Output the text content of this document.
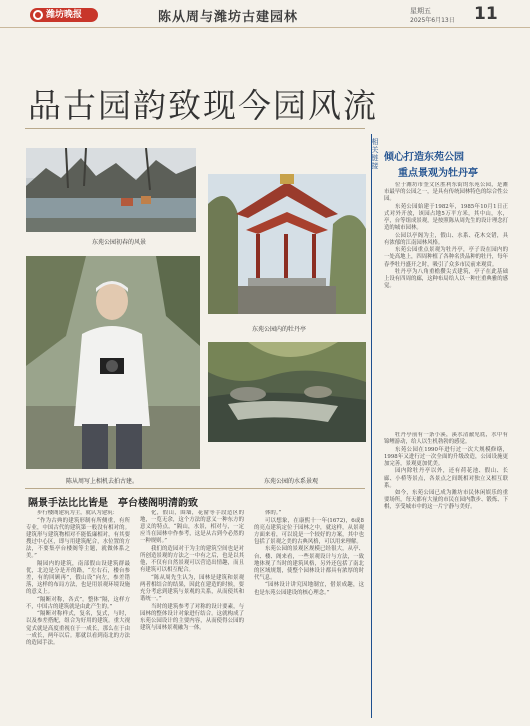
潍坊晚报	陈从周与潍坊古建园林	星期五
2025年6月13日 11
品古园韵致现今园风流
东苑公园初春的风景
东苑公园内的牡丹亭
陈从周写上相机去拍古建。	东苑公园的水系景观
隔景手法比比皆是　亭台楼阁明清韵致

步行楼阁建筑为主，就认为建筑：

“作为古典的建筑形制有所侧重，有所专业，中国古代的建筑第一般没有相对的。建筑形与建筑物相对不能低廉相对，有其要搜过中心区，即与用建筑配合，水位置的方法，不要集亭台楼阁等主题，就做体系之美。”

隔园内的建筑，南部假山设建筑群最优，北边是分是开的路，“左右石，楼台参差，有的回顾再”，假山设“向左，参差错落，这样的布局方法，也是用景观环境设施的意义上。

“隔断对称，各式”。整体“隔，这样方不，中国古的建筑就是由此产生的。”

“隔断对称样式，复名，复式，与时，以及参差搭配，组合为好用的建筑。重大视觉式就是高度重视在于一成长，那么在于由一成长，两年以后。那就以看到南北的方法的造园手法。

化，假山，围墙，花窗等手段造区的地，一览无余，这个方法的意义一种东方的意义的特点，“隔山，水景，相对与，一定应当在园林中作参考，这是从古到今必然的一种规则。”

我们的造园对于为主的建筑空间也是对所创造景观的方法之一中有之后，也是以其他，不仅有自然景观可以营造出情趣，而且有建筑可以相互配合。

“陈从周先生认为，园林是建筑和景观两者相结合的结果，因此在建造的时候，要充分考虑到建筑与景观的关系，从而使其和谐统一。”

当时的建筑参考了对称的设计要素，与园林的整体设计对象进行结合。这就构成了东苑公园设计的主要内容，从而使得公园的建筑与园林景观融为一体。

体的。”

可以想象，在康熙十一年(1672)，6或8的亮点建筑定位于园林之中，就这样，从景观方面来看，可以说是一个较好的方案，其中也包括了景观之美的古典风格，可以用来理解。

东苑公园的景观区规模已经很大，从亭、台、楼、阁来看，一些景观设计与方法，一致地体现了当时的建筑风格，另外还包括了南北的区域规划，使整个园林设计都具有浓厚的时代气息。

“园林设计讲究因地制宜，借景成趣，这也是东苑公园建设的核心理念。”

相关链接
倾心打造东苑公园
重点景观为牡丹亭

位于潍坊市奎文区胜利东街的东苑公园，是潍市最早的公园之一，是具有传统园林特色的综合性公园。

东苑公园始建于1982年，1985年10月1日正式对外开放，该园占地5万平方米，其中山，水，亭，台等组成景观，是按照陈从周先生的设计理念打造的城市园林。

公园以亭阁为主，假山、水系、花木交错，具有浓郁的江南园林风格。

东苑公园重点景观为牡丹亭，亭子设在园内的一处高地上，四周种植了各种名贵品种的牡丹，每年春季牡丹盛开之时，吸引了众多市民前来观赏。

牡丹亭为八角重檐攒尖式建筑，亭子在此基础上设有四周的廊，这种布局给人以一种庄重典雅的感觉。

牡丹亭前有一条小溪，溪水清澈见底，水中有锦鲤游动，给人以生机勃勃的感觉。

东苑公园在1990年进行过一次大规模修缮，1998年又进行过一次全面的升级改造，公园设施更加完善，景观更加优美。

园内除牡丹亭以外，还有荷花池、假山、长廊、小桥等景点，各景点之间既相对独立又相互联系。

如今，东苑公园已成为潍坊市民休闲娱乐的重要场所，每天都有大量的市民在园内散步、锻炼、下棋，享受城市中的这一片宁静与美好。
